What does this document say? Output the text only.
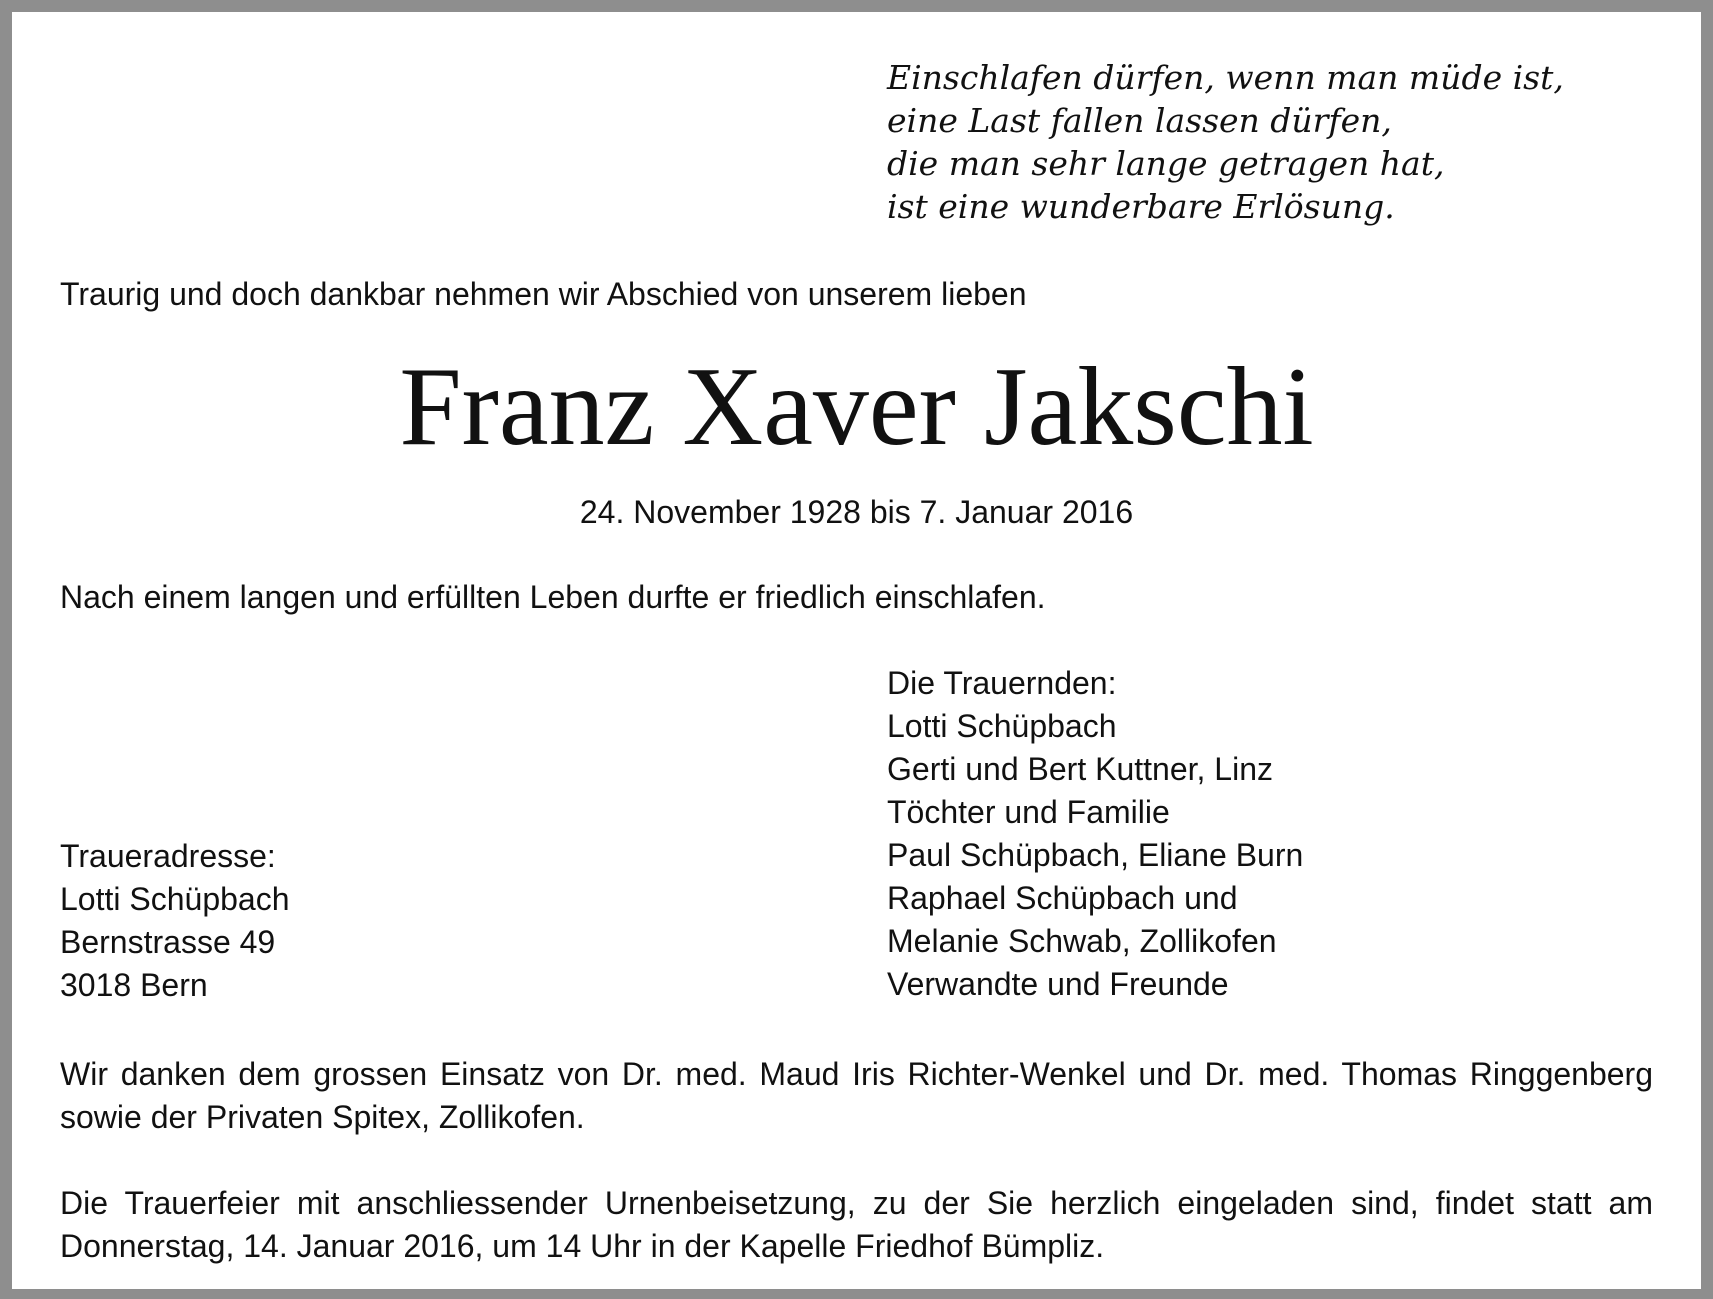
Einschlafen dürfen, wenn man müde ist,
eine Last fallen lassen dürfen,
die man sehr lange getragen hat,
ist eine wunderbare Erlösung.
Traurig und doch dankbar nehmen wir Abschied von unserem lieben
Franz Xaver Jakschi
24. November 1928 bis 7. Januar 2016
Nach einem langen und erfüllten Leben durfte er friedlich einschlafen.
Die Trauernden:
Lotti Schüpbach
Gerti und Bert Kuttner, Linz
Töchter und Familie
Paul Schüpbach, Eliane Burn
Raphael Schüpbach und
Melanie Schwab, Zollikofen
Verwandte und Freunde
Traueradresse:
Lotti Schüpbach
Bernstrasse 49
3018 Bern
Wir danken dem grossen Einsatz von Dr. med. Maud Iris Richter-Wenkel und Dr. med. Thomas Ringgenberg sowie der Privaten Spitex, Zollikofen.
Die Trauerfeier mit anschliessender Urnenbeisetzung, zu der Sie herzlich eingeladen sind, findet statt am Donnerstag, 14. Januar 2016, um 14 Uhr in der Kapelle Friedhof Bümpliz.
